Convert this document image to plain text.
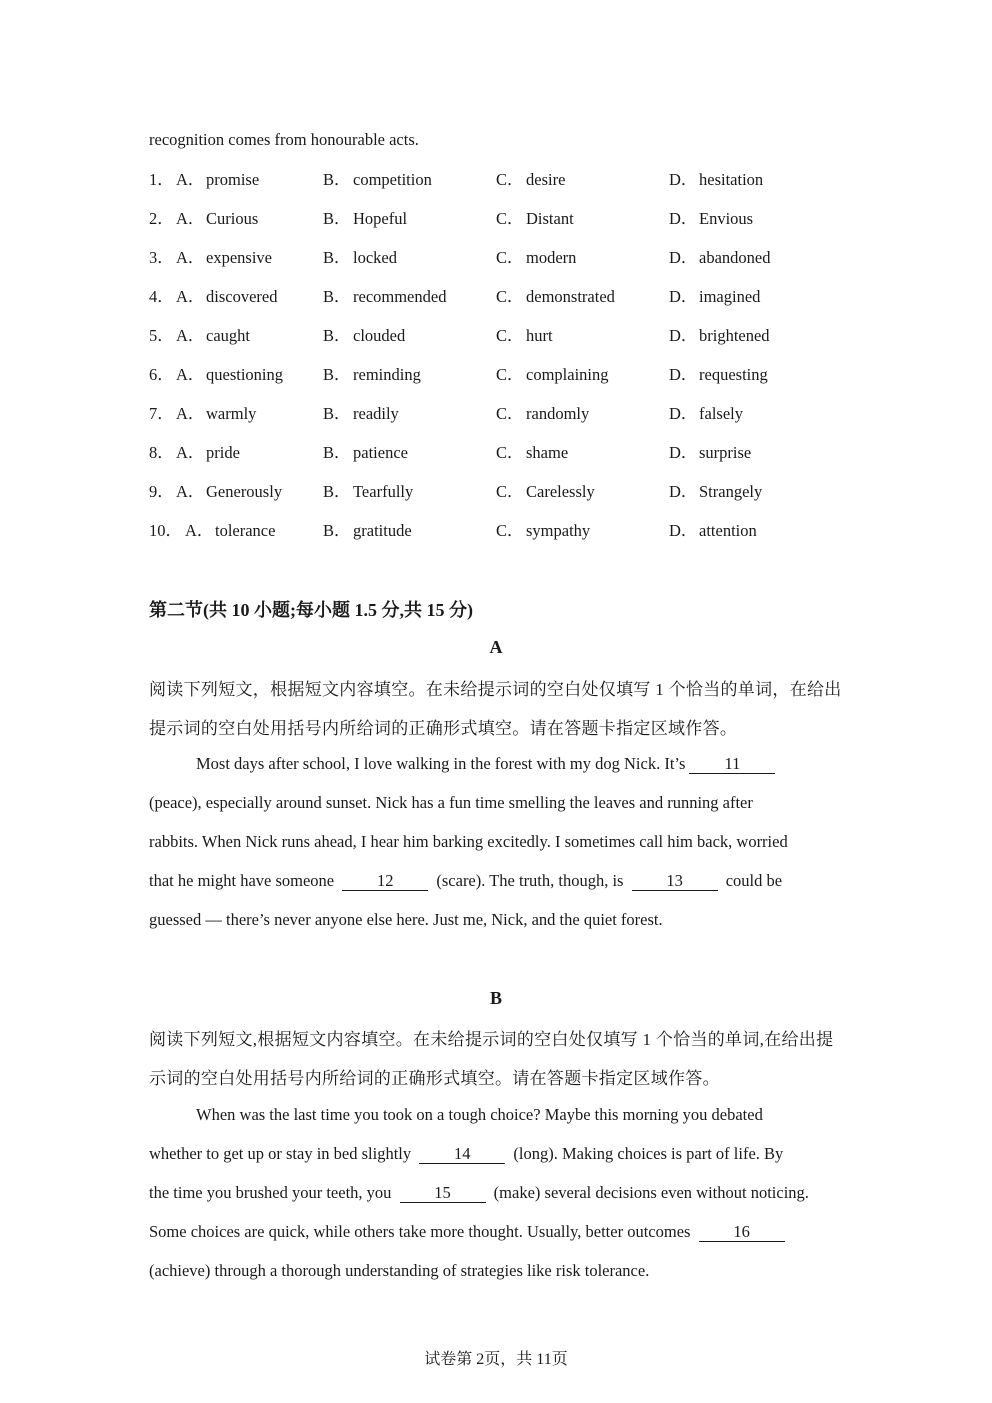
recognition comes from honourable acts.
1． A．promise	B． competition	C． desire	D．hesitation
2． A．Curious	B． Hopeful	C． Distant	D．Envious
3． A．expensive	B． locked	C． modern	D．abandoned
4． A．discovered	B． recommended	C． demonstrated	D．imagined
5． A．caught	B． clouded	C． hurt	D．brightened
6． A．questioning B． reminding	C． complaining	D．requesting
7． A．warmly	B． readily	C． randomly	D．falsely
8． A．pride	B． patience	C． shame	D．surprise
9． A．Generously B． Tearfully	C． Carelessly	D．Strangely
10． A．tolerance	B． gratitude	C． sympathy	D．attention
第二节(共 10 小题;每小题 1.5 分,共 15 分)
A
阅读下列短文，根据短文内容填空。在未给提示词的空白处仅填写 1 个恰当的单词，在给出
提示词的空白处用括号内所给词的正确形式填空。请在答题卡指定区域作答。
Most days after school, I love walking in the forest with my dog Nick. It’s 11
(peace), especially around sunset. Nick has a fun time smelling the leaves and running after
rabbits. When Nick runs ahead, I hear him barking excitedly. I sometimes call him back, worried
that he might have someone	12	(scare). The truth, though, is	13	could be
guessed — there’s never anyone else here. Just me, Nick, and the quiet forest.
B
阅读下列短文,根据短文内容填空。在未给提示词的空白处仅填写 1 个恰当的单词,在给出提
示词的空白处用括号内所给词的正确形式填空。请在答题卡指定区域作答。
When was the last time you took on a tough choice? Maybe this morning you debated
whether to get up or stay in bed slightly	14	(long). Making choices is part of life. By
the time you brushed your teeth, you	15	(make) several decisions even without noticing.
Some choices are quick, while others take more thought. Usually, better outcomes	16
(achieve) through a thorough understanding of strategies like risk tolerance.
试卷第 2页，共 11页
